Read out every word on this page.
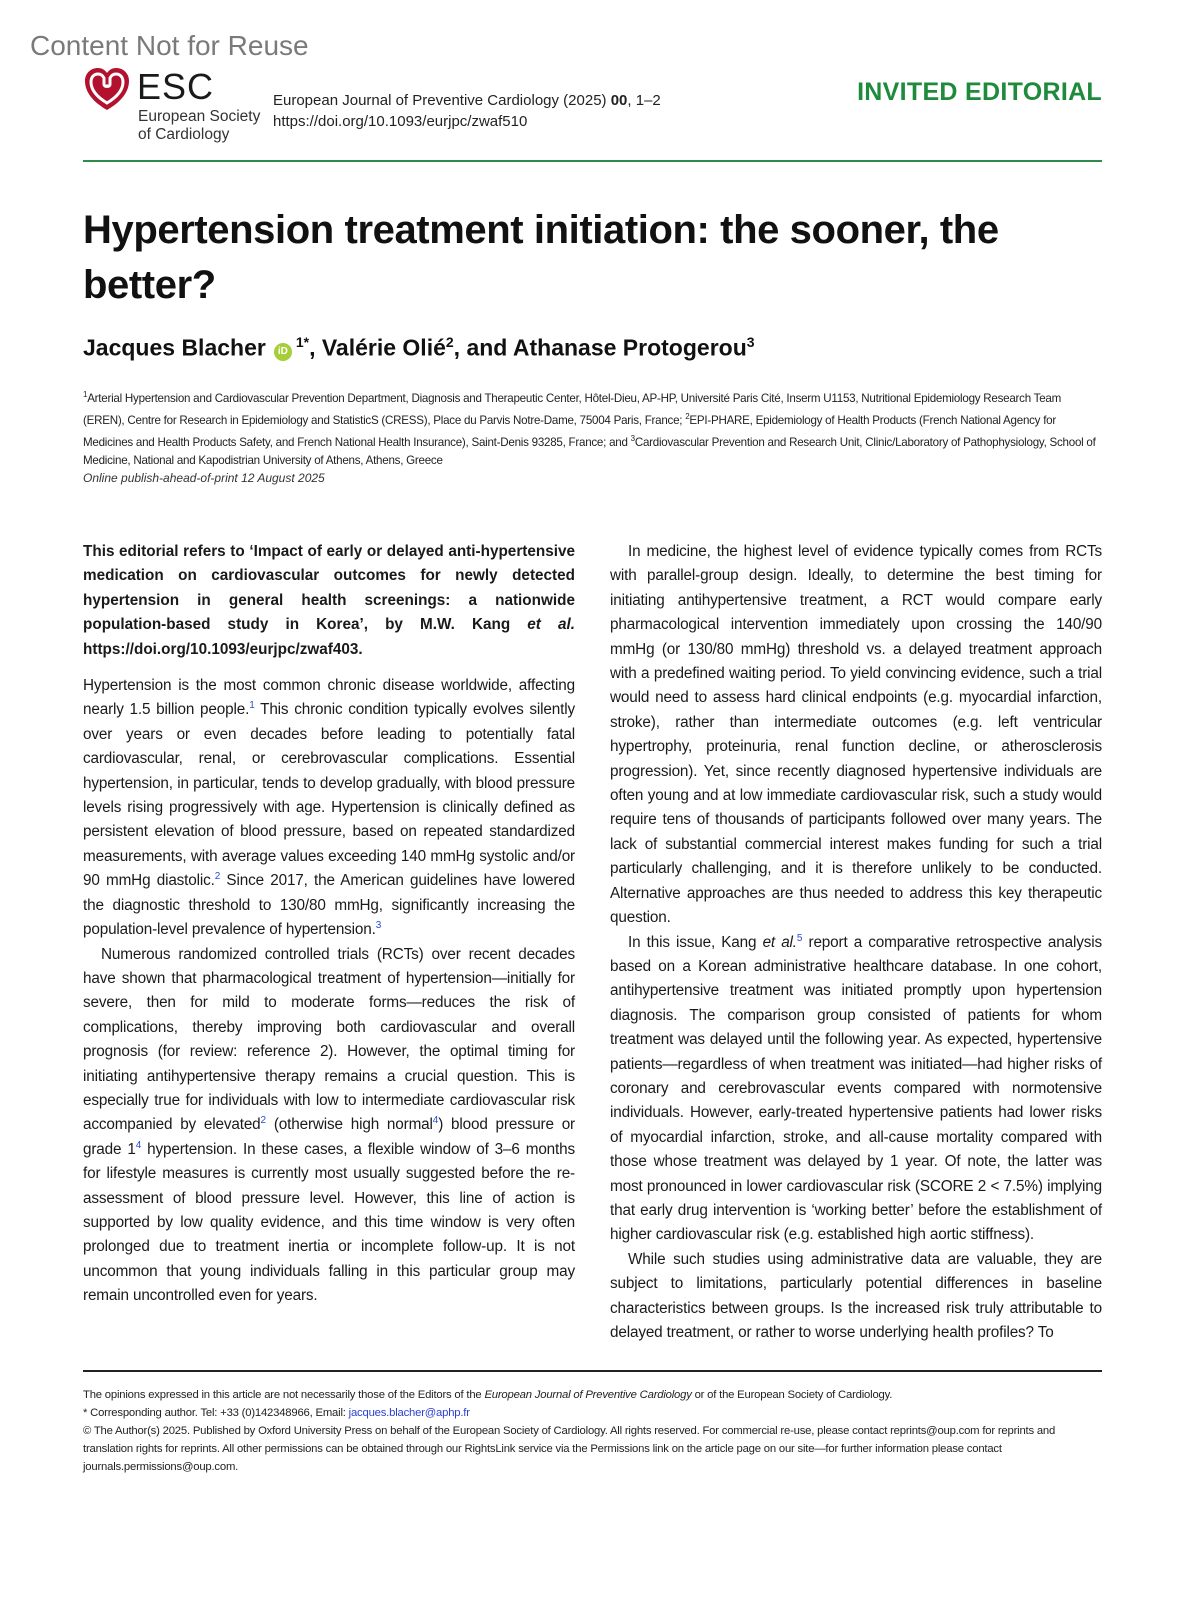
Content Not for Reuse
ESC
European Society
of Cardiology
European Journal of Preventive Cardiology (2025) 00, 1–2
https://doi.org/10.1093/eurjpc/zwaf510
INVITED EDITORIAL
Hypertension treatment initiation: the sooner, the better?
Jacques Blacher $iD^{1*}$, Valérie Olié$^2$, and Athanase Protogerou$^3$
$^1$Arterial Hypertension and Cardiovascular Prevention Department, Diagnosis and Therapeutic Center, Hôtel-Dieu, AP-HP, Université Paris Cité, Inserm U1153, Nutritional Epidemiology Research Team (EREN), Centre for Research in Epidemiology and StatisticS (CRESS), Place du Parvis Notre-Dame, 75004 Paris, France; $^2$EPI-PHARE, Epidemiology of Health Products (French National Agency for Medicines and Health Products Safety, and French National Health Insurance), Saint-Denis 93285, France; and $^3$Cardiovascular Prevention and Research Unit, Clinic/Laboratory of Pathophysiology, School of Medicine, National and Kapodistrian University of Athens, Athens, Greece
Online publish-ahead-of-print 12 August 2025

This editorial refers to ‘Impact of early or delayed anti-hypertensive medication on cardiovascular outcomes for newly detected hypertension in general health screenings: a nationwide population-based study in Korea’, by M.W. Kang et al. https://doi.org/10.1093/eurjpc/zwaf403.

Hypertension is the most common chronic disease worldwide, affecting nearly 1.5 billion people.$^1$ This chronic condition typically evolves silently over years or even decades before leading to potentially fatal cardiovascular, renal, or cerebrovascular complications. Essential hypertension, in particular, tends to develop gradually, with blood pressure levels rising progressively with age. Hypertension is clinically defined as persistent elevation of blood pressure, based on repeated standardized measurements, with average values exceeding 140 mmHg systolic and/or 90 mmHg diastolic.$^2$ Since 2017, the American guidelines have lowered the diagnostic threshold to 130/80 mmHg, significantly increasing the population-level prevalence of hypertension.$^3$

Numerous randomized controlled trials (RCTs) over recent decades have shown that pharmacological treatment of hypertension—initially for severe, then for mild to moderate forms—reduces the risk of complications, thereby improving both cardiovascular and overall prognosis (for review: reference 2). However, the optimal timing for initiating antihypertensive therapy remains a crucial question. This is especially true for individuals with low to intermediate cardiovascular risk accompanied by elevated$^2$ (otherwise high normal$^4$) blood pressure or grade $1^4$ hypertension. In these cases, a flexible window of 3–6 months for lifestyle measures is currently most usually suggested before the re-assessment of blood pressure level. However, this line of action is supported by low quality evidence, and this time window is very often prolonged due to treatment inertia or incomplete follow-up. It is not uncommon that young individuals falling in this particular group may remain uncontrolled even for years.

In medicine, the highest level of evidence typically comes from RCTs with parallel-group design. Ideally, to determine the best timing for initiating antihypertensive treatment, a RCT would compare early pharmacological intervention immediately upon crossing the 140/90 mmHg (or 130/80 mmHg) threshold vs. a delayed treatment approach with a predefined waiting period. To yield convincing evidence, such a trial would need to assess hard clinical endpoints (e.g. myocardial infarction, stroke), rather than intermediate outcomes (e.g. left ventricular hypertrophy, proteinuria, renal function decline, or atherosclerosis progression). Yet, since recently diagnosed hypertensive individuals are often young and at low immediate cardiovascular risk, such a study would require tens of thousands of participants followed over many years. The lack of substantial commercial interest makes funding for such a trial particularly challenging, and it is therefore unlikely to be conducted. Alternative approaches are thus needed to address this key therapeutic question.

In this issue, Kang et al.$^5$ report a comparative retrospective analysis based on a Korean administrative healthcare database. In one cohort, antihypertensive treatment was initiated promptly upon hypertension diagnosis. The comparison group consisted of patients for whom treatment was delayed until the following year. As expected, hypertensive patients—regardless of when treatment was initiated—had higher risks of coronary and cerebrovascular events compared with normotensive individuals. However, early-treated hypertensive patients had lower risks of myocardial infarction, stroke, and all-cause mortality compared with those whose treatment was delayed by 1 year. Of note, the latter was most pronounced in lower cardiovascular risk (SCORE 2 < 7.5%) implying that early drug intervention is ‘working better’ before the establishment of higher cardiovascular risk (e.g. established high aortic stiffness).

While such studies using administrative data are valuable, they are subject to limitations, particularly potential differences in baseline characteristics between groups. Is the increased risk truly attributable to delayed treatment, or rather to worse underlying health profiles? To

The opinions expressed in this article are not necessarily those of the Editors of the European Journal of Preventive Cardiology or of the European Society of Cardiology.

* Corresponding author. Tel: +33 (0)142348966, Email: jacques.blacher@aphp.fr

© The Author(s) 2025. Published by Oxford University Press on behalf of the European Society of Cardiology. All rights reserved. For commercial re-use, please contact reprints@oup.com for reprints and translation rights for reprints. All other permissions can be obtained through our RightsLink service via the Permissions link on the article page on our site—for further information please contact journals.permissions@oup.com.
